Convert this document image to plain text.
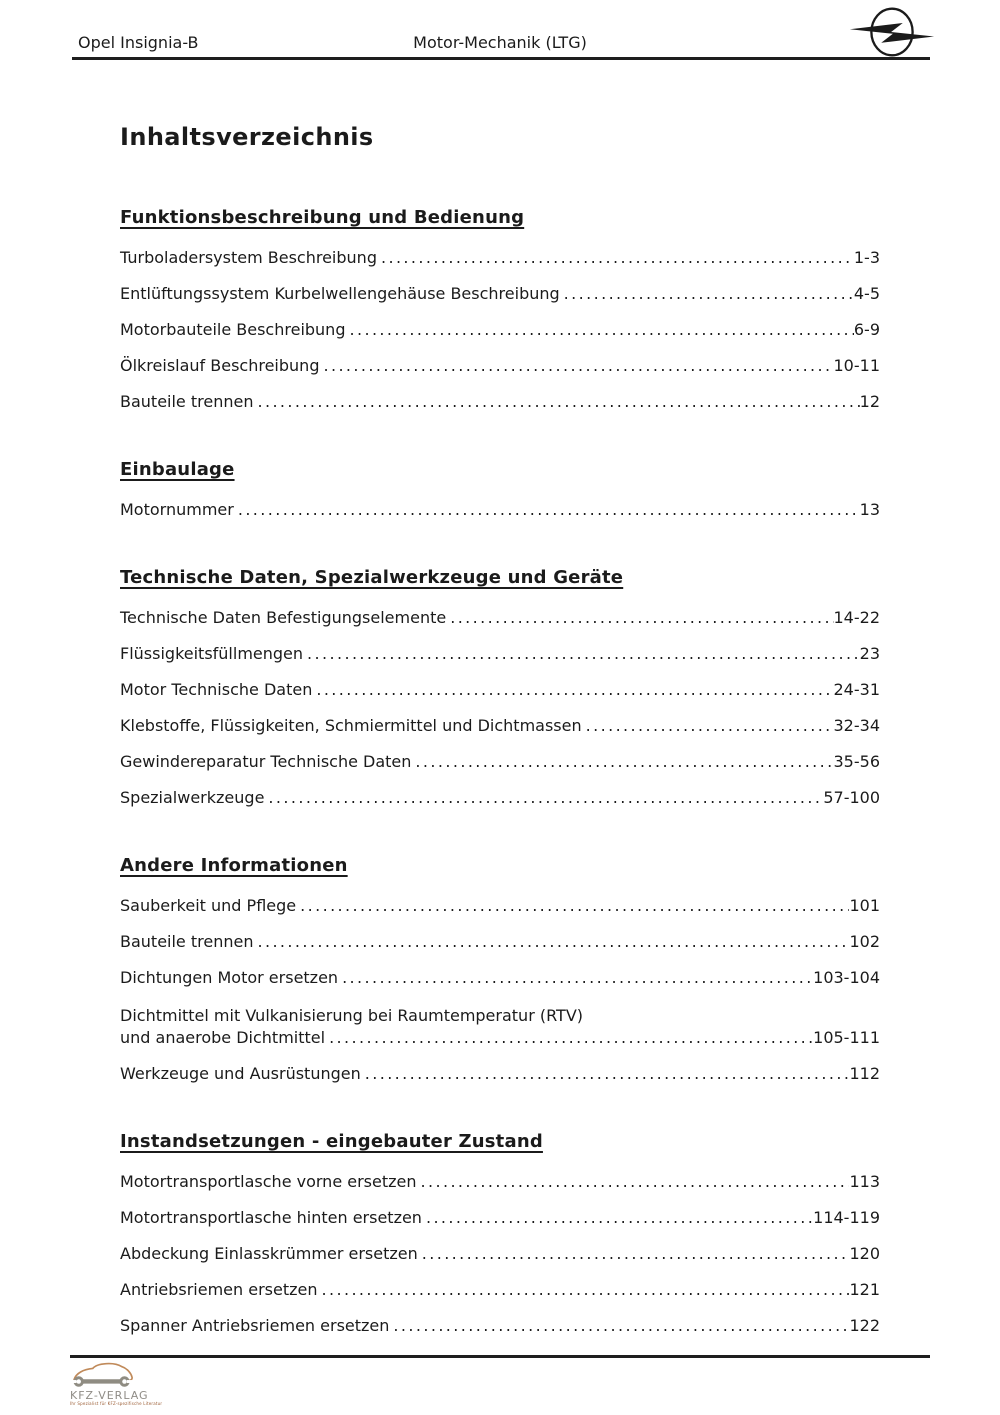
Opel Insignia-B	Motor-Mechanik (LTG)
Inhaltsverzeichnis
Funktionsbeschreibung und Bedienung
Turboladersystem Beschreibung .....	1-3
Entlüftungssystem Kurbelwellengehäuse Beschreibung .....	4-5
Motorbauteile Beschreibung .....	6-9
Ölkreislauf Beschreibung .....	10-11
Bauteile trennen .....	12
Einbaulage
Motornummer .....	13
Technische Daten, Spezialwerkzeuge und Geräte
Technische Daten Befestigungselemente .....	14-22
Flüssigkeitsfüllmengen .....	23
Motor Technische Daten .....	24-31
Klebstoffe, Flüssigkeiten, Schmiermittel und Dichtmassen .....	32-34
Gewindereparatur Technische Daten .....	35-56
Spezialwerkzeuge .....	57-100
Andere Informationen
Sauberkeit und Pflege .....	101
Bauteile trennen .....	102
Dichtungen Motor ersetzen .....	103-104
Dichtmittel mit Vulkanisierung bei Raumtemperatur (RTV)
und anaerobe Dichtmittel .....	105-111
Werkzeuge und Ausrüstungen .....	112
Instandsetzungen - eingebauter Zustand
Motortransportlasche vorne ersetzen .....	113
Motortransportlasche hinten ersetzen .....	114-119
Abdeckung Einlasskrümmer ersetzen .....	120
Antriebsriemen ersetzen .....	121
Spanner Antriebsriemen ersetzen .....	122
KFZ-VERLAG
Ihr Spezialist für KFZ-spezifische Literatur
